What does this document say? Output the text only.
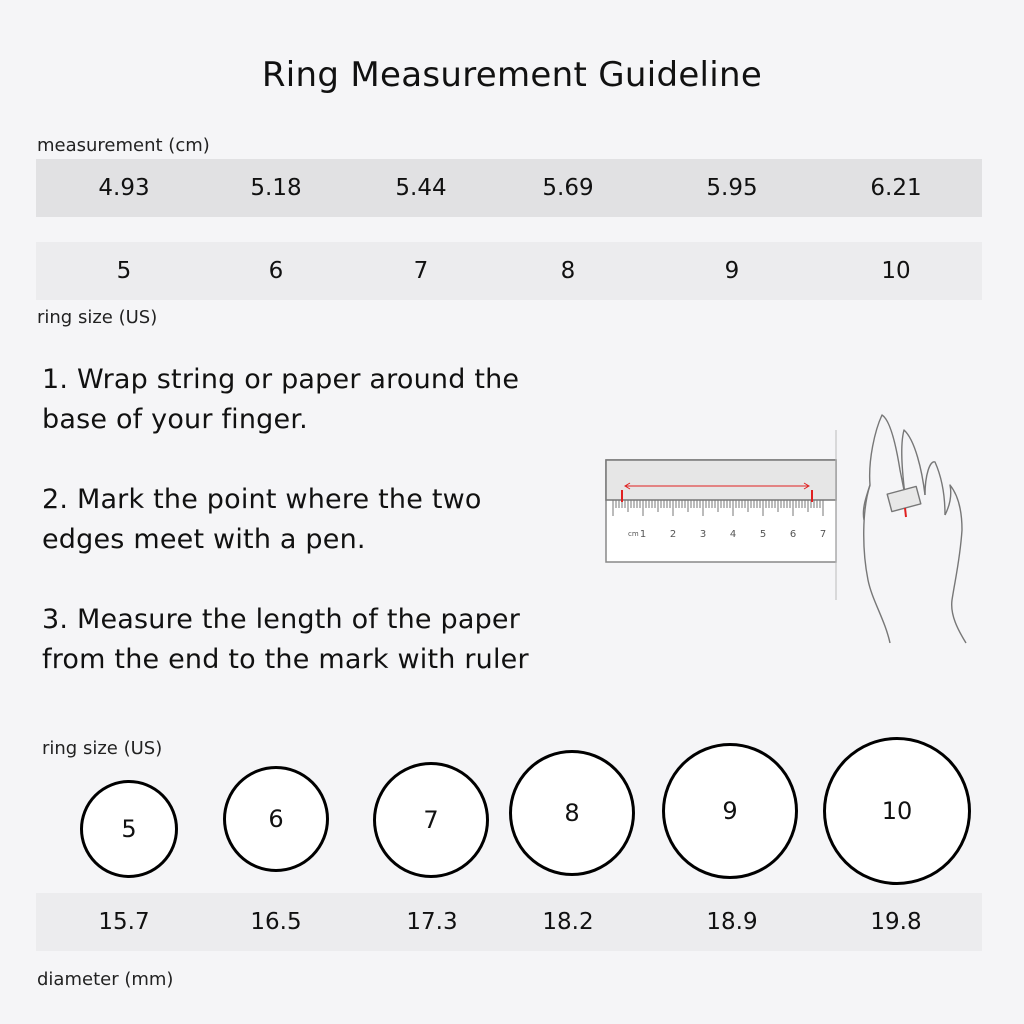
Ring Measurement Guideline
measurement (cm)
4.93	5.18	5.44	5.69	5.95	6.21
5	6	7	8	9	10
ring size (US)

1. Wrap string or paper around the base of your finger.

2. Mark the point where the two edges meet with a pen.

3. Measure the length of the paper from the end to the mark with ruler

cm 1 2 3 4 5 6 7
ring size (US)
5	6	7	8	9	10
15.7	16.5	17.3	18.2	18.9	19.8
diameter (mm)
